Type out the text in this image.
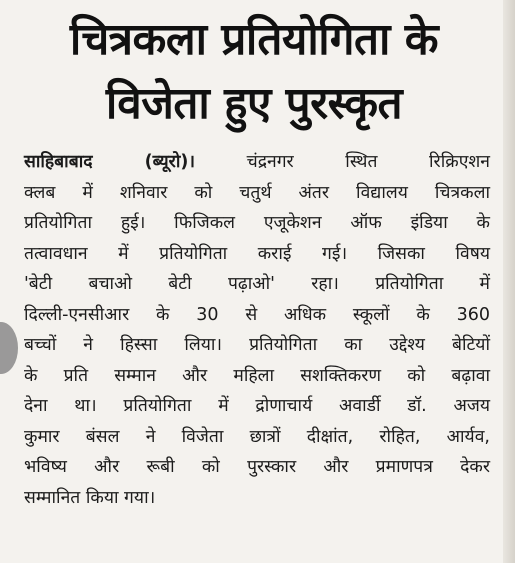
चित्रकला प्रतियोगिता के
विजेता हुए पुरस्कृत
साहिबाबाद (ब्यूरो)।	चंद्रनगर स्थित रिक्रिएशन
क्लब में शनिवार को चतुर्थ अंतर विद्यालय चित्रकला
प्रतियोगिता हुई। फिजिकल एजूकेशन ऑफ इंडिया के
तत्वावधान में प्रतियोगिता कराई गई। जिसका विषय
'बेटी बचाओ बेटी पढ़ाओ' रहा। प्रतियोगिता में
दिल्ली-एनसीआर के 30 से अधिक स्कूलों के 360
बच्चों ने हिस्सा लिया। प्रतियोगिता का उद्देश्य बेटियों
के प्रति सम्मान और महिला सशक्तिकरण को बढ़ावा
देना था। प्रतियोगिता में द्रोणाचार्य अवार्डी डॉ. अजय
कुमार बंसल ने विजेता छात्रों दीक्षांत, रोहित, आर्यव,
भविष्य और रूबी को पुरस्कार और प्रमाणपत्र देकर
सम्मानित किया गया।
